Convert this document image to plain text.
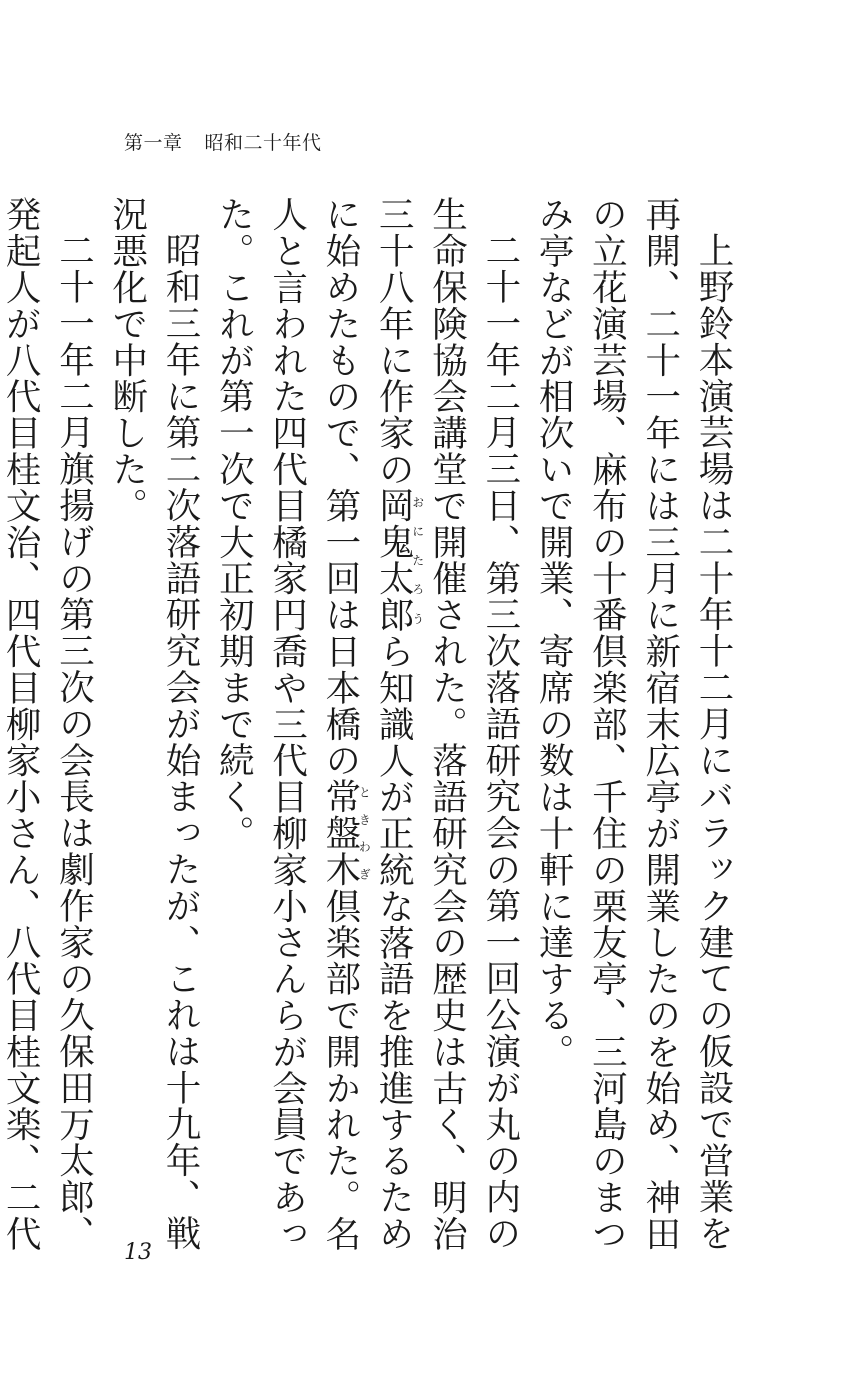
第一章 昭和二十年代

上野鈴本演芸場は二十年十二月にバラック建ての仮設で営業を再開、二十一年には三月に新宿末広亭が開業したのを始め、神田の立花演芸場、麻布の十番倶楽部、千住の栗友亭、三河島のまつみ亭などが相次いで開業、寄席の数は十軒に達する。

二十一年二月三日、第三次落語研究会の第一回公演が丸の内の生命保険協会講堂で開催された。落語研究会の歴史は古く、明治三十八年に作家の岡鬼太郎おにたろうら知識人が正統な落語を推進するために始めたもので、第一回は日本橋の常盤木ときわぎ倶楽部で開かれた。名人と言われた四代目橘家円喬や三代目柳家小さんらが会員であった。これが第一次で大正初期まで続く。

昭和三年に第二次落語研究会が始まったが、これは十九年、戦況悪化で中断した。

二十一年二月旗揚げの第三次の会長は劇作家の久保田万太郎、発起人が八代目桂文治、四代目柳家小さん、八代目桂文楽、二代

13
